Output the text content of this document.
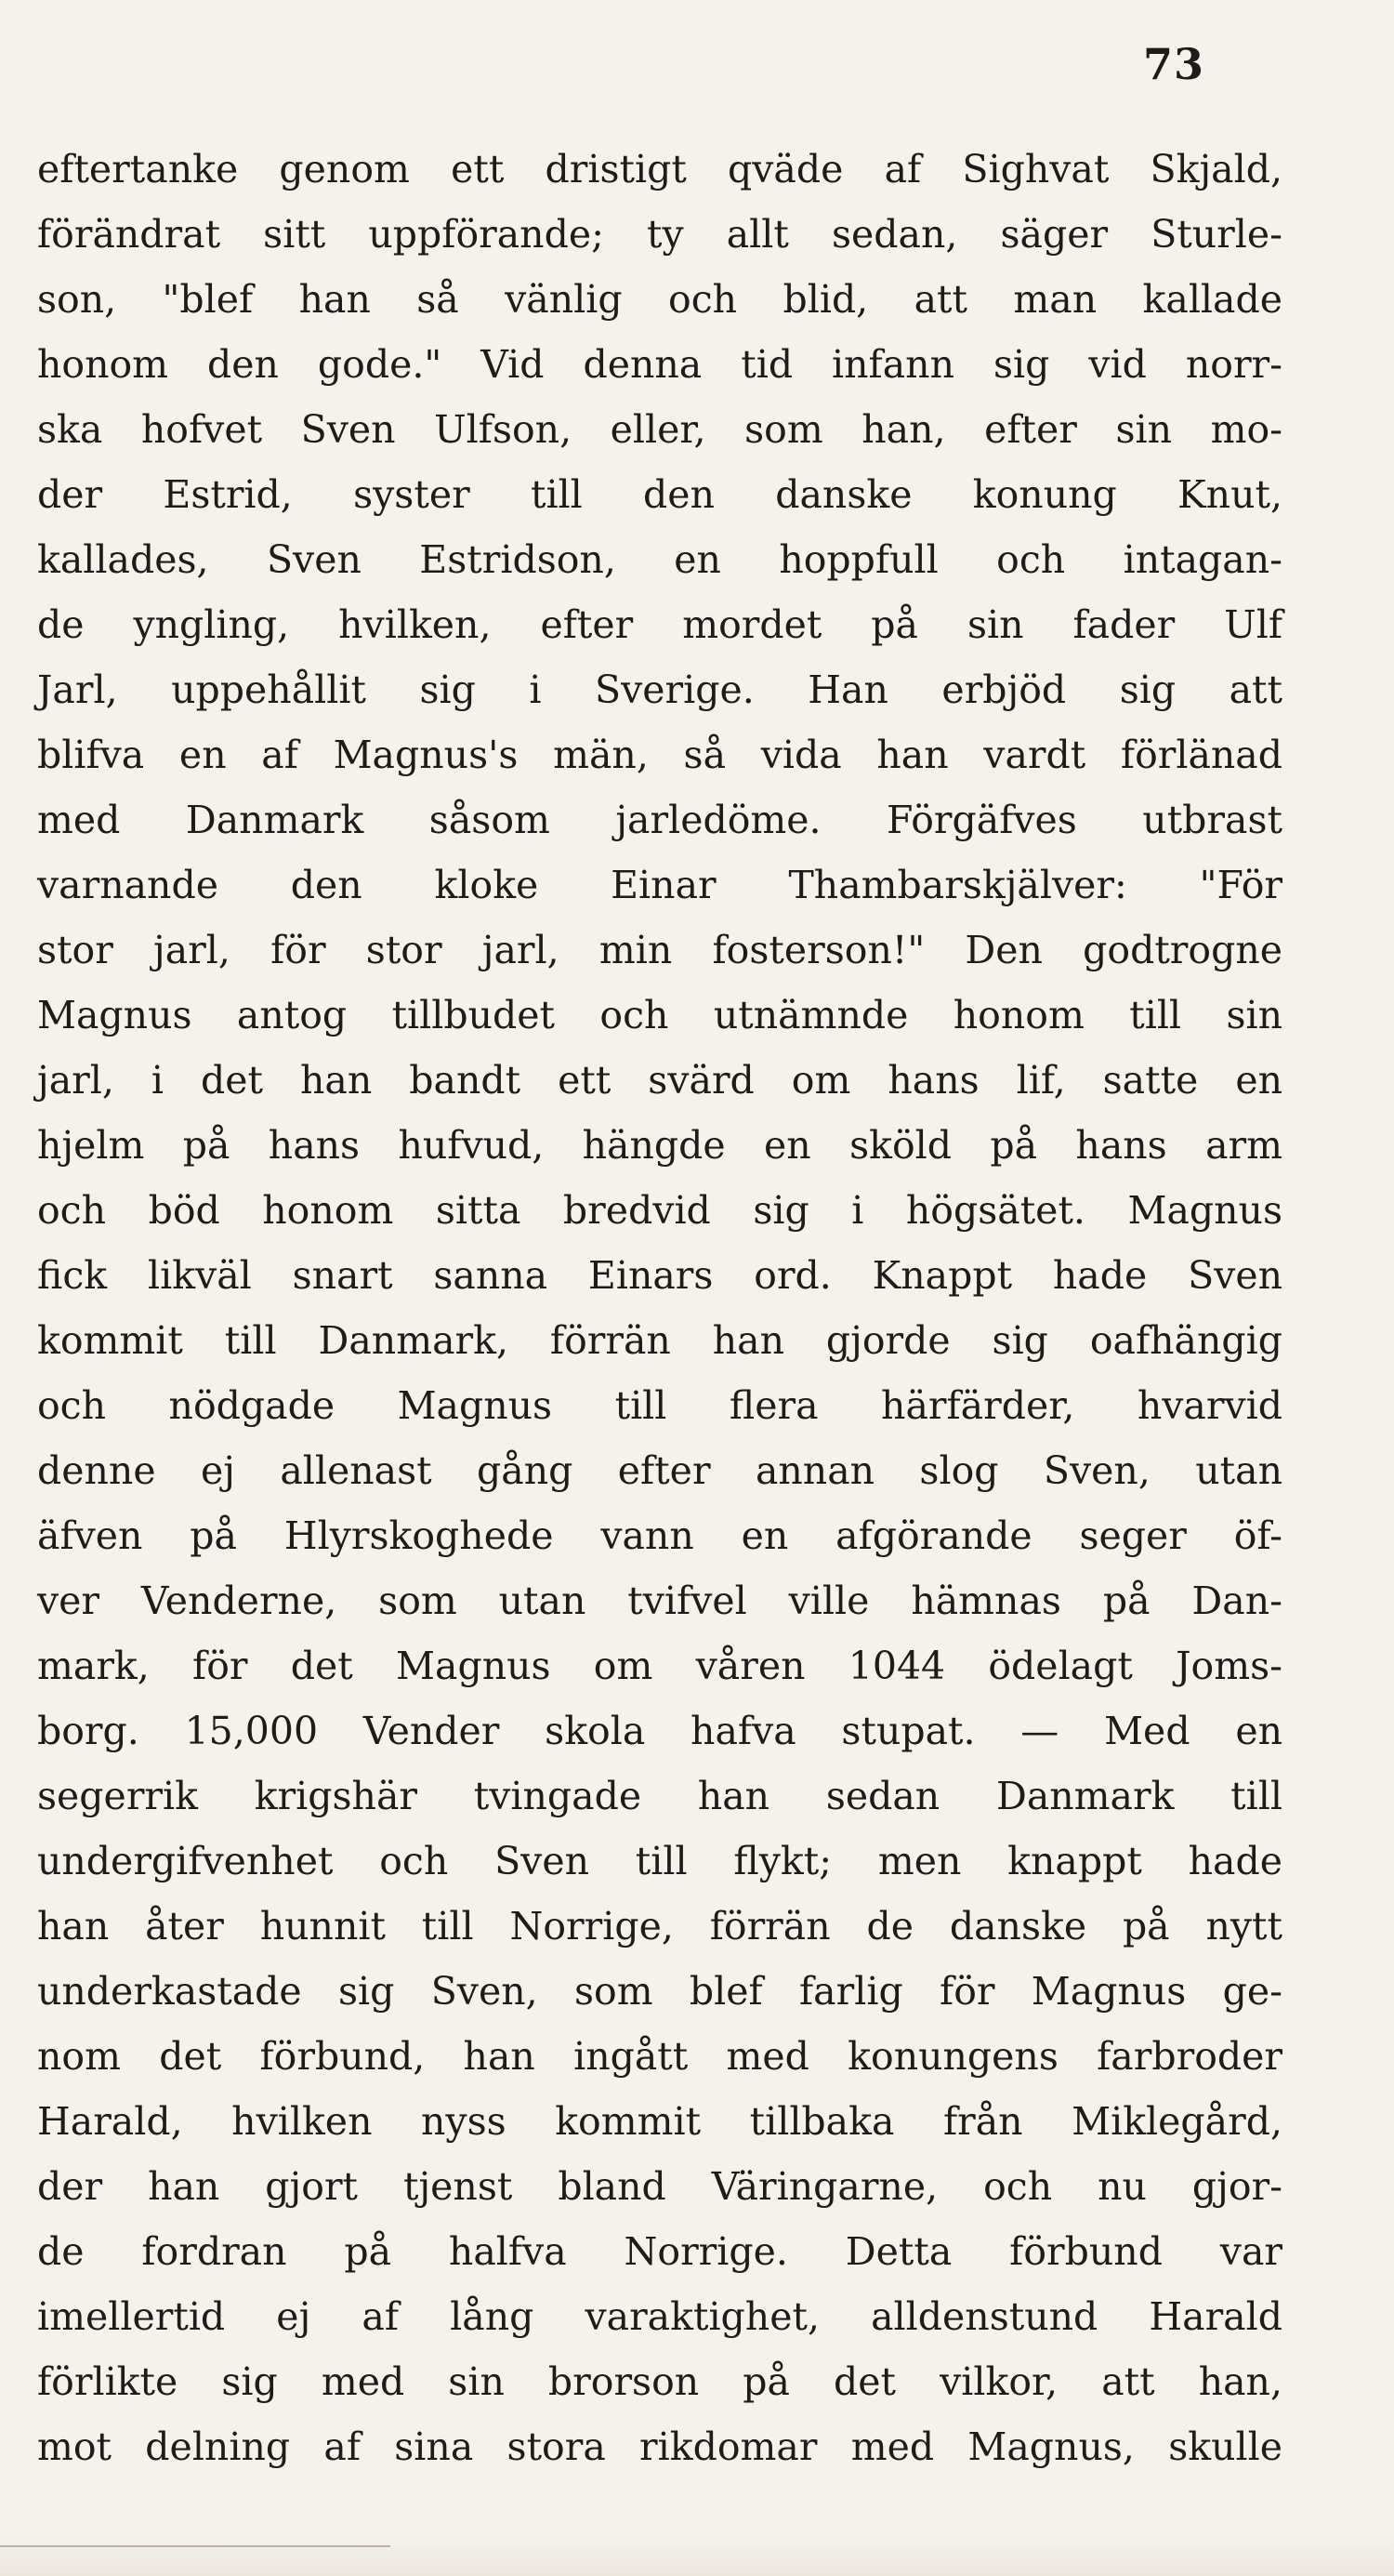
73
eftertanke genom ett dristigt qväde af Sighvat Skjald,
förändrat sitt uppförande; ty allt sedan, säger Sturle-
son, "blef han så vänlig och blid, att man kallade
honom den gode." Vid denna tid infann sig vid norr-
ska hofvet Sven Ulfson, eller, som han, efter sin mo-
der Estrid, syster till den danske konung Knut,
kallades, Sven Estridson, en hoppfull och intagan-
de yngling, hvilken, efter mordet på sin fader Ulf
Jarl, uppehållit sig i Sverige. Han erbjöd sig att
blifva en af Magnus's män, så vida han vardt förlänad
med Danmark såsom jarledöme. Förgäfves utbrast
varnande den kloke Einar Thambarskjälver: "För
stor jarl, för stor jarl, min fosterson!" Den godtrogne
Magnus antog tillbudet och utnämnde honom till sin
jarl, i det han bandt ett svärd om hans lif, satte en
hjelm på hans hufvud, hängde en sköld på hans arm
och böd honom sitta bredvid sig i högsätet. Magnus
fick likväl snart sanna Einars ord. Knappt hade Sven
kommit till Danmark, förrän han gjorde sig oafhängig
och nödgade Magnus till flera härfärder, hvarvid
denne ej allenast gång efter annan slog Sven, utan
äfven på Hlyrskoghede vann en afgörande seger öf-
ver Venderne, som utan tvifvel ville hämnas på Dan-
mark, för det Magnus om våren 1044 ödelagt Joms-
borg. 15,000 Vender skola hafva stupat. — Med en
segerrik krigshär tvingade han sedan Danmark till
undergifvenhet och Sven till flykt; men knappt hade
han åter hunnit till Norrige, förrän de danske på nytt
underkastade sig Sven, som blef farlig för Magnus ge-
nom det förbund, han ingått med konungens farbroder
Harald, hvilken nyss kommit tillbaka från Miklegård,
der han gjort tjenst bland Väringarne, och nu gjor-
de fordran på halfva Norrige. Detta förbund var
imellertid ej af lång varaktighet, alldenstund Harald
förlikte sig med sin brorson på det vilkor, att han,
mot delning af sina stora rikdomar med Magnus, skulle
